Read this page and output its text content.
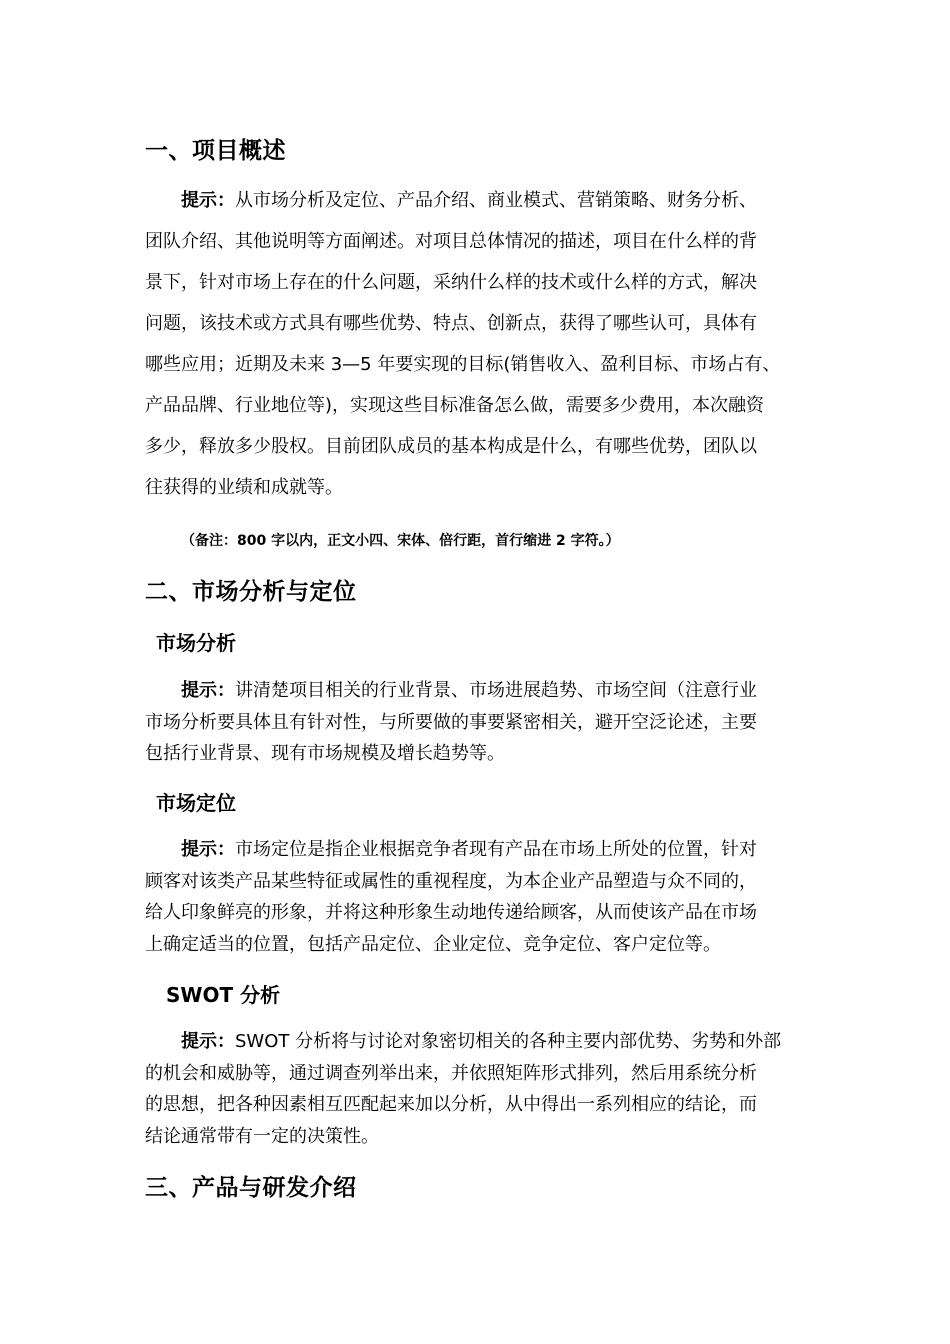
一、项目概述
提示：从市场分析及定位、产品介绍、商业模式、营销策略、财务分析、
团队介绍、其他说明等方面阐述。对项目总体情况的描述，项目在什么样的背
景下，针对市场上存在的什么问题，采纳什么样的技术或什么样的方式，解决
问题，该技术或方式具有哪些优势、特点、创新点，获得了哪些认可，具体有
哪些应用；近期及未来 3—5 年要实现的目标(销售收入、盈利目标、市场占有、
产品品牌、行业地位等)，实现这些目标准备怎么做，需要多少费用，本次融资
多少，释放多少股权。目前团队成员的基本构成是什么，有哪些优势，团队以
往获得的业绩和成就等。
（备注：800 字以内，正文小四、宋体、倍行距，首行缩进 2 字符。）
二、市场分析与定位
市场分析
提示：讲清楚项目相关的行业背景、市场进展趋势、市场空间（注意行业
市场分析要具体且有针对性，与所要做的事要紧密相关，避开空泛论述，主要
包括行业背景、现有市场规模及增长趋势等。
市场定位
提示：市场定位是指企业根据竞争者现有产品在市场上所处的位置，针对
顾客对该类产品某些特征或属性的重视程度，为本企业产品塑造与众不同的，
给人印象鲜亮的形象，并将这种形象生动地传递给顾客，从而使该产品在市场
上确定适当的位置，包括产品定位、企业定位、竞争定位、客户定位等。
SWOT 分析
提示：SWOT 分析将与讨论对象密切相关的各种主要内部优势、劣势和外部
的机会和威胁等，通过调查列举出来，并依照矩阵形式排列，然后用系统分析
的思想，把各种因素相互匹配起来加以分析，从中得出一系列相应的结论，而
结论通常带有一定的决策性。
三、产品与研发介绍
